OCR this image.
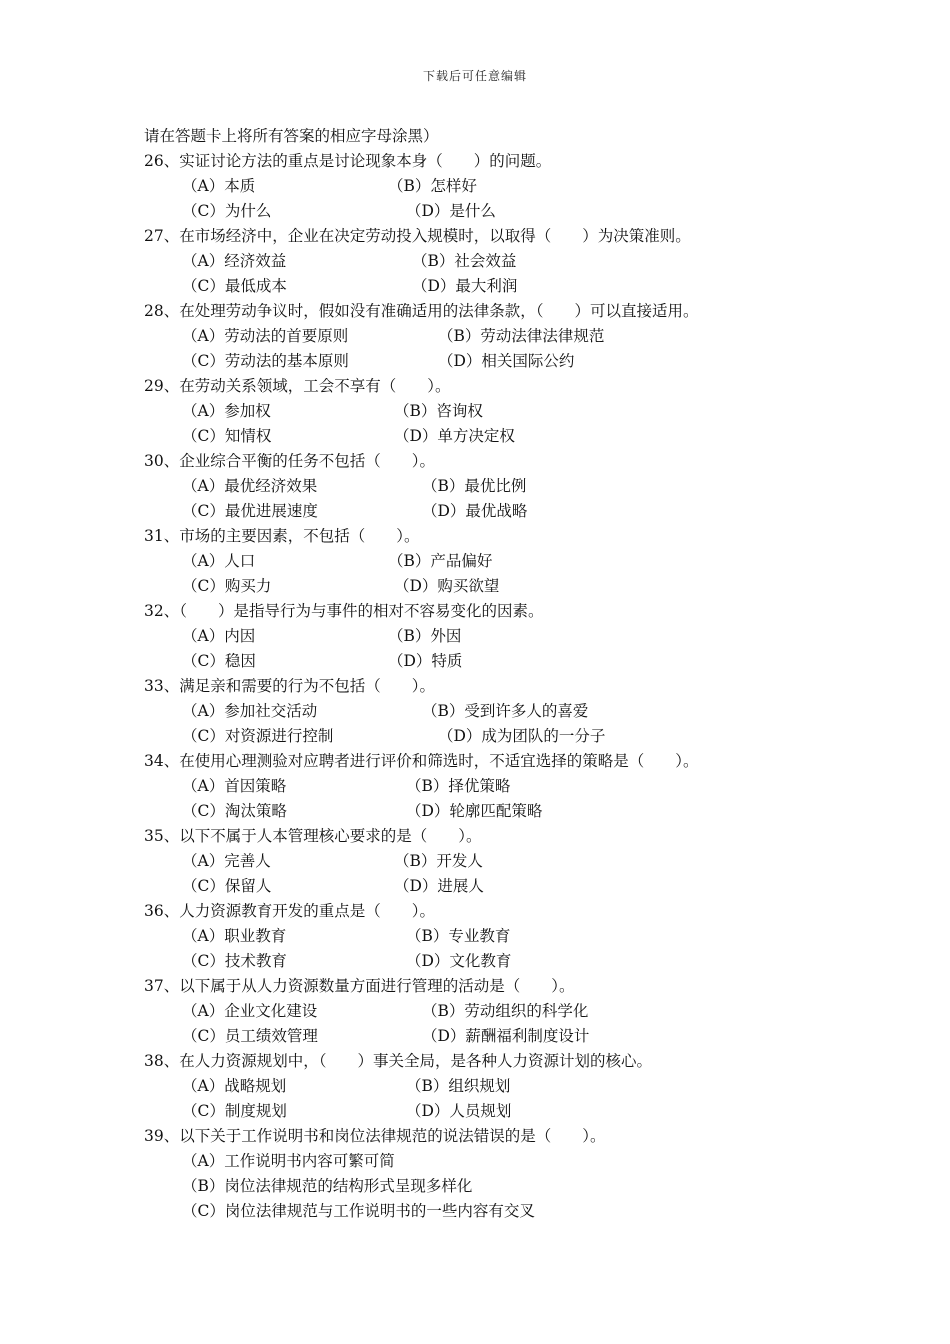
下载后可任意编辑
请在答题卡上将所有答案的相应字母涂黑）
26、实证讨论方法的重点是讨论现象本身（　　）的问题。
（A）本质	（B）怎样好
（C）为什么	（D）是什么
27、在市场经济中，企业在决定劳动投入规模时，以取得（　　）为决策准则。
（A）经济效益	（B）社会效益
（C）最低成本	（D）最大利润
28、在处理劳动争议时，假如没有准确适用的法律条款，（　　）可以直接适用。
（A）劳动法的首要原则	（B）劳动法律法律规范
（C）劳动法的基本原则	（D）相关国际公约
29、在劳动关系领域，工会不享有（　　）。
（A）参加权	（B）咨询权
（C）知情权	（D）单方决定权
30、企业综合平衡的任务不包括（　　）。
（A）最优经济效果	（B）最优比例
（C）最优进展速度	（D）最优战略
31、市场的主要因素，不包括（　　）。
（A）人口	（B）产品偏好
（C）购买力	（D）购买欲望
32、（　　）是指导行为与事件的相对不容易变化的因素。
（A）内因	（B）外因
（C）稳因	（D）特质
33、满足亲和需要的行为不包括（　　）。
（A）参加社交活动	（B）受到许多人的喜爱
（C）对资源进行控制	（D）成为团队的一分子
34、在使用心理测验对应聘者进行评价和筛选时，不适宜选择的策略是（　　）。
（A）首因策略	（B）择优策略
（C）淘汰策略	（D）轮廓匹配策略
35、以下不属于人本管理核心要求的是（　　）。
（A）完善人	（B）开发人
（C）保留人	（D）进展人
36、人力资源教育开发的重点是（　　）。
（A）职业教育	（B）专业教育
（C）技术教育	（D）文化教育
37、以下属于从人力资源数量方面进行管理的活动是（　　）。
（A）企业文化建设	（B）劳动组织的科学化
（C）员工绩效管理	（D）薪酬福利制度设计
38、在人力资源规划中，（　　）事关全局，是各种人力资源计划的核心。
（A）战略规划	（B）组织规划
（C）制度规划	（D）人员规划
39、以下关于工作说明书和岗位法律规范的说法错误的是（　　）。
（A）工作说明书内容可繁可简
（B）岗位法律规范的结构形式呈现多样化
（C）岗位法律规范与工作说明书的一些内容有交叉
